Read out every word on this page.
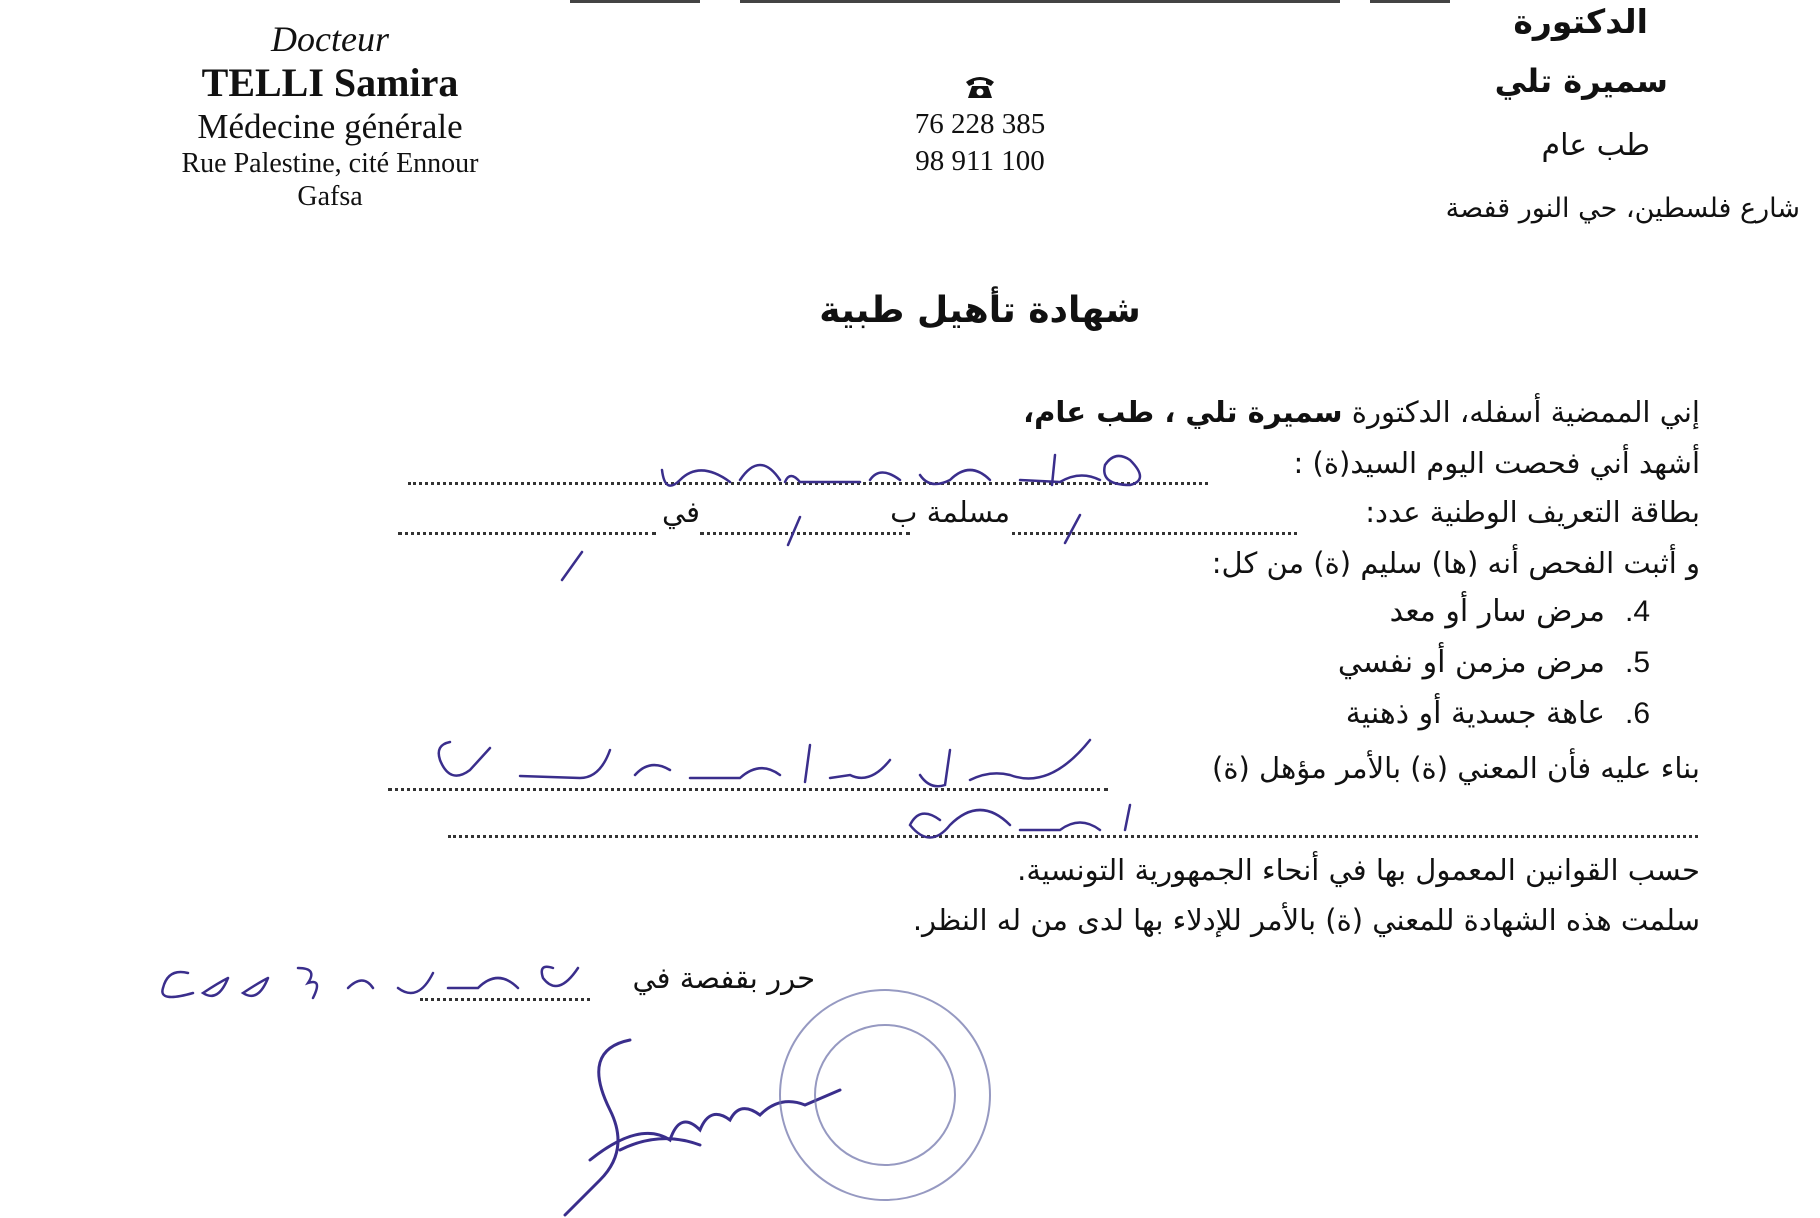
Docteur
TELLI Samira
Médecine générale
Rue Palestine, cité Ennour
Gafsa
76 228 385
98 911 100
الدكتورة
سميرة تلي
طب عام
شارع فلسطين، حي النور قفصة
شهادة تأهيل طبية
إني الممضية أسفله، الدكتورة سميرة تلي ، طب عام،
أشهد أني فحصت اليوم السيد(ة) :
بطاقة التعريف الوطنية عدد:
مسلمة ب
في
و أثبت الفحص أنه (ها) سليم (ة) من كل:
4.مرض سار أو معد
5.مرض مزمن أو نفسي
6.عاهة جسدية أو ذهنية
بناء عليه فأن المعني (ة) بالأمر مؤهل (ة)
حسب القوانين المعمول بها في أنحاء الجمهورية التونسية.
سلمت هذه الشهادة للمعني (ة) بالأمر للإدلاء بها لدى من له النظر.
حرر بقفصة في
